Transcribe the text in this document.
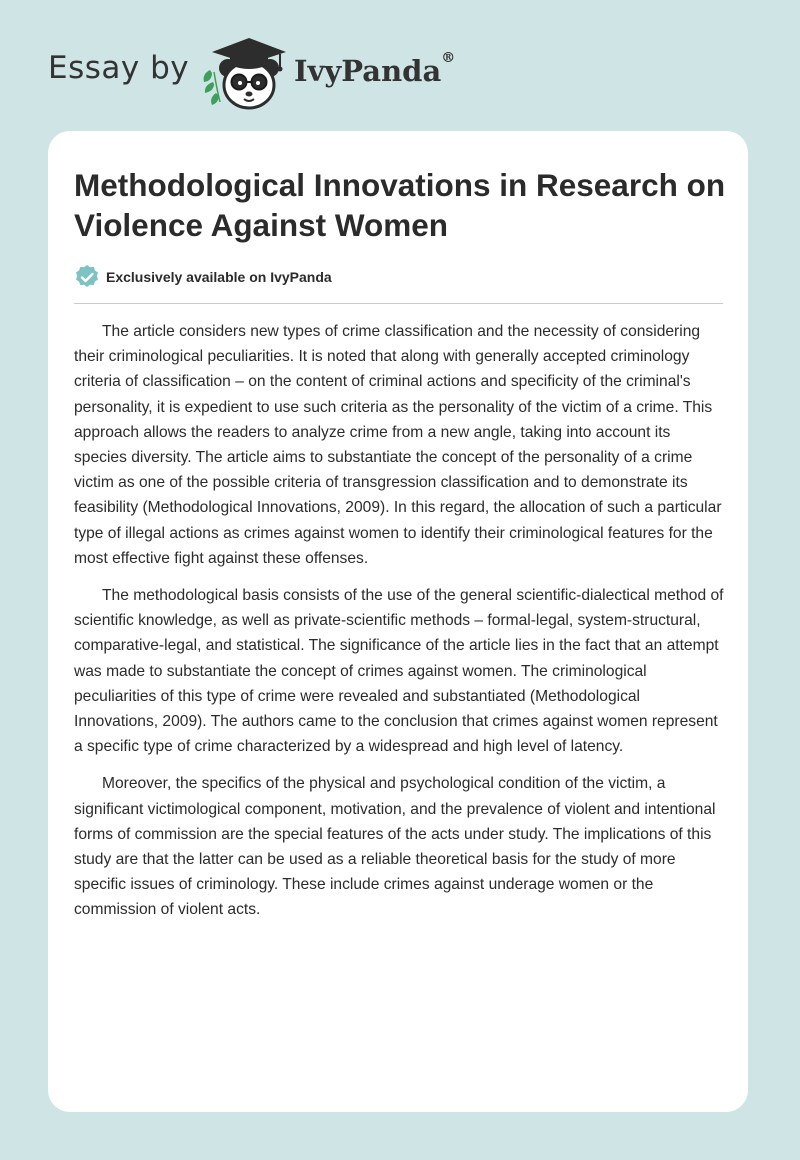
Essay by	IvyPanda®
Methodological Innovations in Research on Violence Against Women
Exclusively available on IvyPanda

The article considers new types of crime classification and the necessity of considering their criminological peculiarities. It is noted that along with generally accepted criminology criteria of classification – on the content of criminal actions and specificity of the criminal's personality, it is expedient to use such criteria as the personality of the victim of a crime. This approach allows the readers to analyze crime from a new angle, taking into account its species diversity. The article aims to substantiate the concept of the personality of a crime victim as one of the possible criteria of transgression classification and to demonstrate its feasibility (Methodological Innovations, 2009). In this regard, the allocation of such a particular type of illegal actions as crimes against women to identify their criminological features for the most effective fight against these offenses.

The methodological basis consists of the use of the general scientific-dialectical method of scientific knowledge, as well as private-scientific methods – formal-legal, system-structural, comparative-legal, and statistical. The significance of the article lies in the fact that an attempt was made to substantiate the concept of crimes against women. The criminological peculiarities of this type of crime were revealed and substantiated (Methodological Innovations, 2009). The authors came to the conclusion that crimes against women represent a specific type of crime characterized by a widespread and high level of latency.

Moreover, the specifics of the physical and psychological condition of the victim, a significant victimological component, motivation, and the prevalence of violent and intentional forms of commission are the special features of the acts under study. The implications of this study are that the latter can be used as a reliable theoretical basis for the study of more specific issues of criminology. These include crimes against underage women or the commission of violent acts.
